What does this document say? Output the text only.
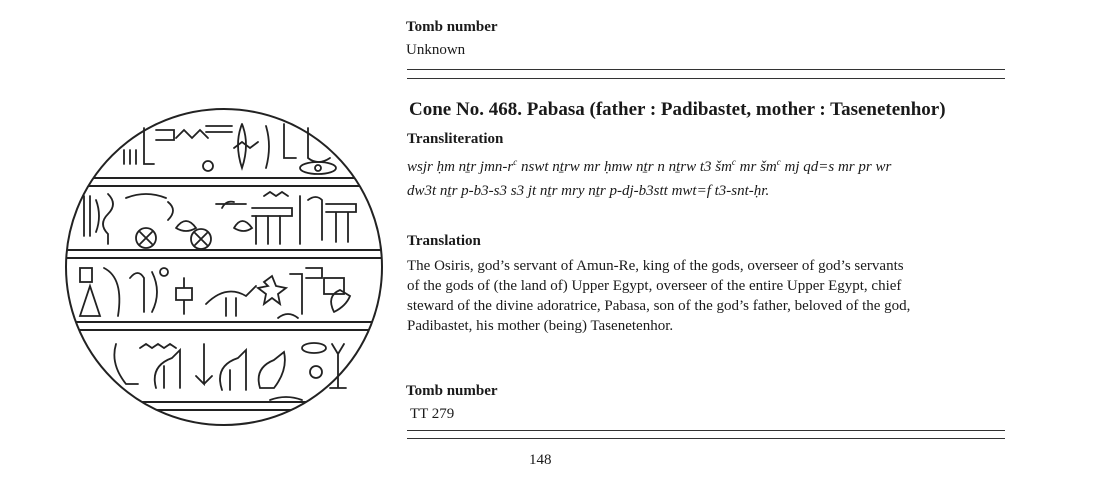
Tomb number
Unknown
Cone No. 468. Pabasa (father : Padibastet, mother : Tasenetenhor)
Transliteration
wsjr ḥm nṯr jmn-$r^c$ nswt nṯrw mr ḥmw nṯr n nṯrw t3 $šm^c$ mr $šm^c$ mj qd=s mr pr wr
dw3t nṯr p-b3-s3 s3 jt nṯr mry nṯr p-dj-b3stt mwt=f t3-snt-ḥr.
Translation
The Osiris, god’s servant of Amun-Re, king of the gods, overseer of god’s servants
of the gods of (the land of) Upper Egypt, overseer of the entire Upper Egypt, chief
steward of the divine adoratrice, Pabasa, son of the god’s father, beloved of the god,
Padibastet, his mother (being) Tasenetenhor.
Tomb number
TT 279
148
